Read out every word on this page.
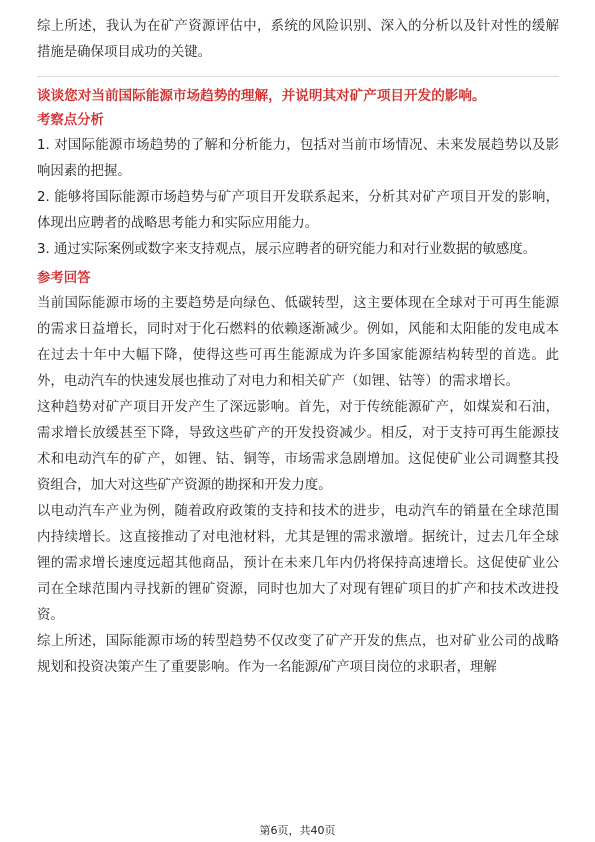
综上所述，我认为在矿产资源评估中，系统的风险识别、深入的分析以及针对性的缓解措施是确保项目成功的关键。

谈谈您对当前国际能源市场趋势的理解，并说明其对矿产项目开发的影响。

考察点分析

1. 对国际能源市场趋势的了解和分析能力，包括对当前市场情况、未来发展趋势以及影响因素的把握。

2. 能够将国际能源市场趋势与矿产项目开发联系起来，分析其对矿产项目开发的影响，体现出应聘者的战略思考能力和实际应用能力。

3. 通过实际案例或数字来支持观点，展示应聘者的研究能力和对行业数据的敏感度。

参考回答

当前国际能源市场的主要趋势是向绿色、低碳转型，这主要体现在全球对于可再生能源的需求日益增长，同时对于化石燃料的依赖逐渐减少。例如，风能和太阳能的发电成本在过去十年中大幅下降，使得这些可再生能源成为许多国家能源结构转型的首选。此外，电动汽车的快速发展也推动了对电力和相关矿产（如锂、钴等）的需求增长。

这种趋势对矿产项目开发产生了深远影响。首先，对于传统能源矿产，如煤炭和石油，需求增长放缓甚至下降，导致这些矿产的开发投资减少。相反，对于支持可再生能源技术和电动汽车的矿产，如锂、钴、铜等，市场需求急剧增加。这促使矿业公司调整其投资组合，加大对这些矿产资源的勘探和开发力度。

以电动汽车产业为例，随着政府政策的支持和技术的进步，电动汽车的销量在全球范围内持续增长。这直接推动了对电池材料，尤其是锂的需求激增。据统计，过去几年全球锂的需求增长速度远超其他商品，预计在未来几年内仍将保持高速增长。这促使矿业公司在全球范围内寻找新的锂矿资源，同时也加大了对现有锂矿项目的扩产和技术改进投资。

综上所述，国际能源市场的转型趋势不仅改变了矿产开发的焦点，也对矿业公司的战略规划和投资决策产生了重要影响。作为一名能源/矿产项目岗位的求职者，理解

第6页，共40页
